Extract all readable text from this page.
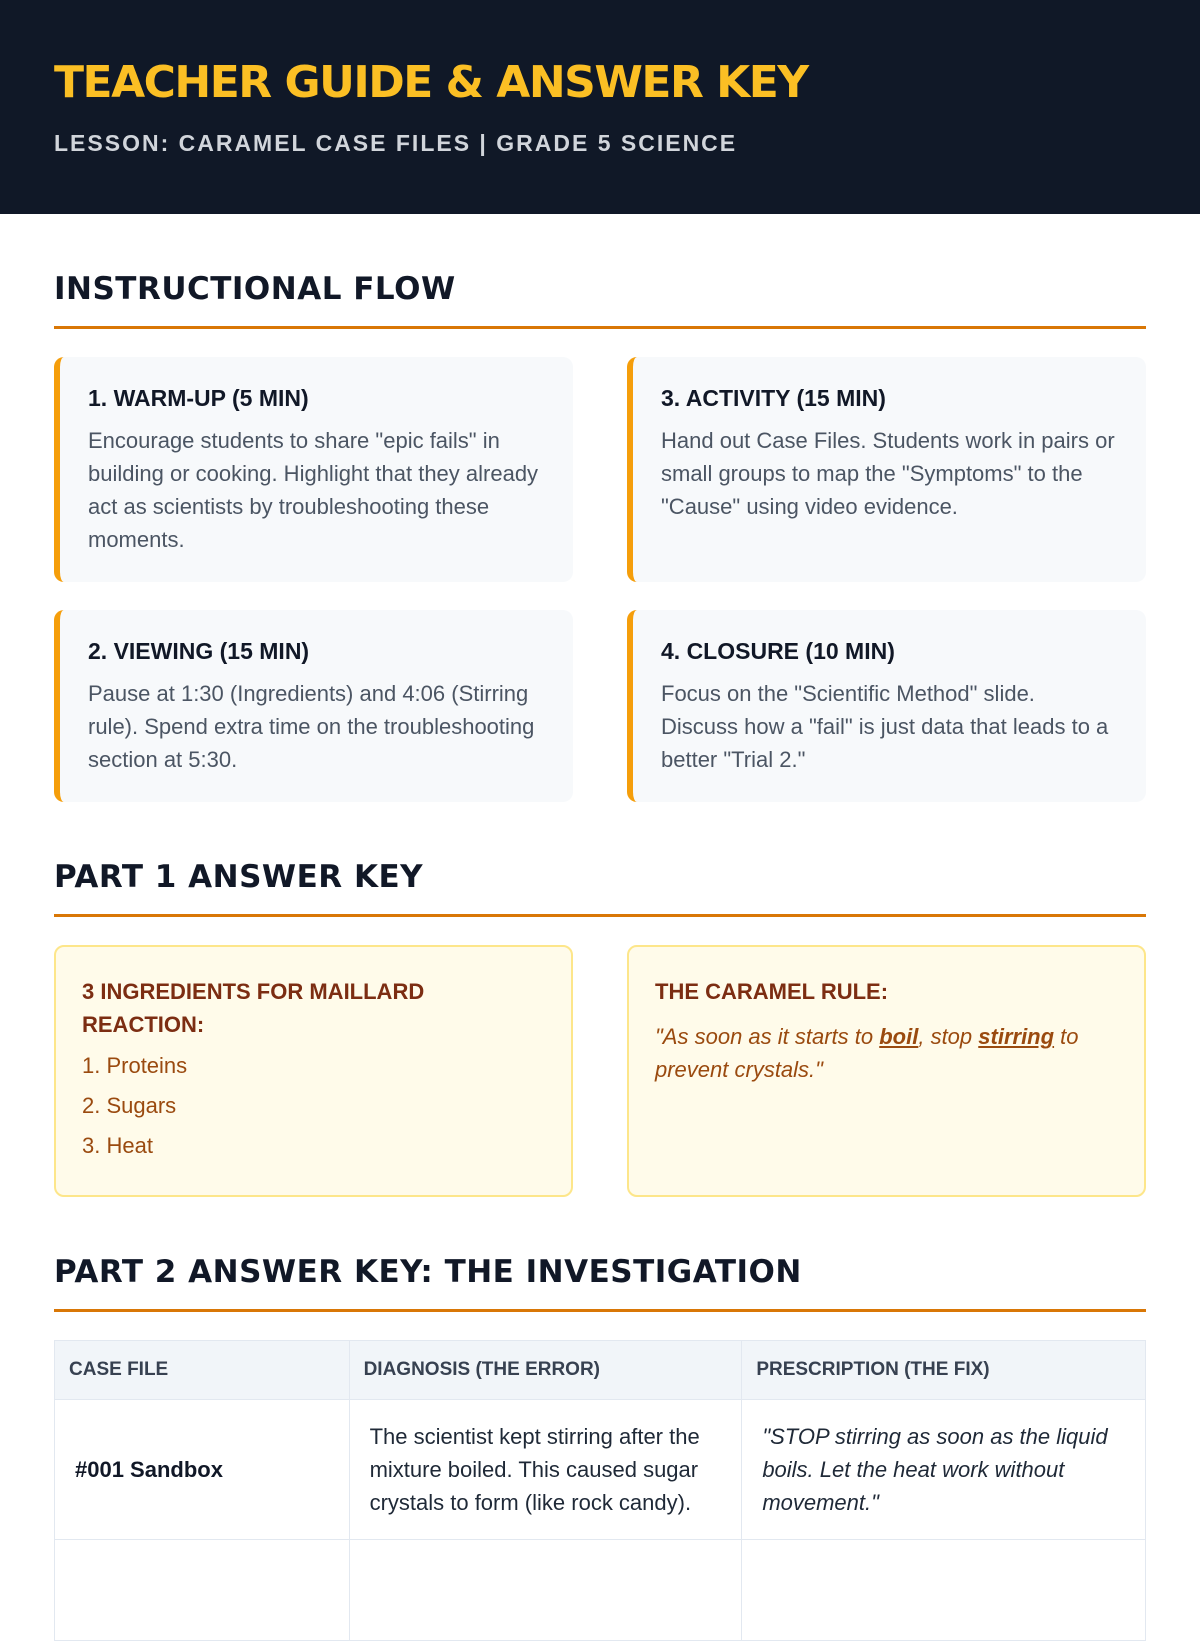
TEACHER GUIDE & ANSWER KEY
LESSON: CARAMEL CASE FILES | GRADE 5 SCIENCE
INSTRUCTIONAL FLOW
1. WARM-UP (5 MIN)
Encourage students to share "epic fails" in building or cooking. Highlight that they already act as scientists by troubleshooting these moments.
3. ACTIVITY (15 MIN)
Hand out Case Files. Students work in pairs or small groups to map the "Symptoms" to the "Cause" using video evidence.
2. VIEWING (15 MIN)
Pause at 1:30 (Ingredients) and 4:06 (Stirring rule). Spend extra time on the troubleshooting section at 5:30.
4. CLOSURE (10 MIN)
Focus on the "Scientific Method" slide. Discuss how a "fail" is just data that leads to a better "Trial 2."
PART 1 ANSWER KEY
3 INGREDIENTS FOR MAILLARD REACTION:
1. Proteins
2. Sugars
3. Heat
THE CARAMEL RULE:
"As soon as it starts to boil, stop stirring to prevent crystals."
PART 2 ANSWER KEY: THE INVESTIGATION
CASE FILE	DIAGNOSIS (THE ERROR)	PRESCRIPTION (THE FIX)
#001 Sandbox	The scientist kept stirring after the mixture boiled. This caused sugar crystals to form (like rock candy).	"STOP stirring as soon as the liquid boils. Let the heat work without movement."
